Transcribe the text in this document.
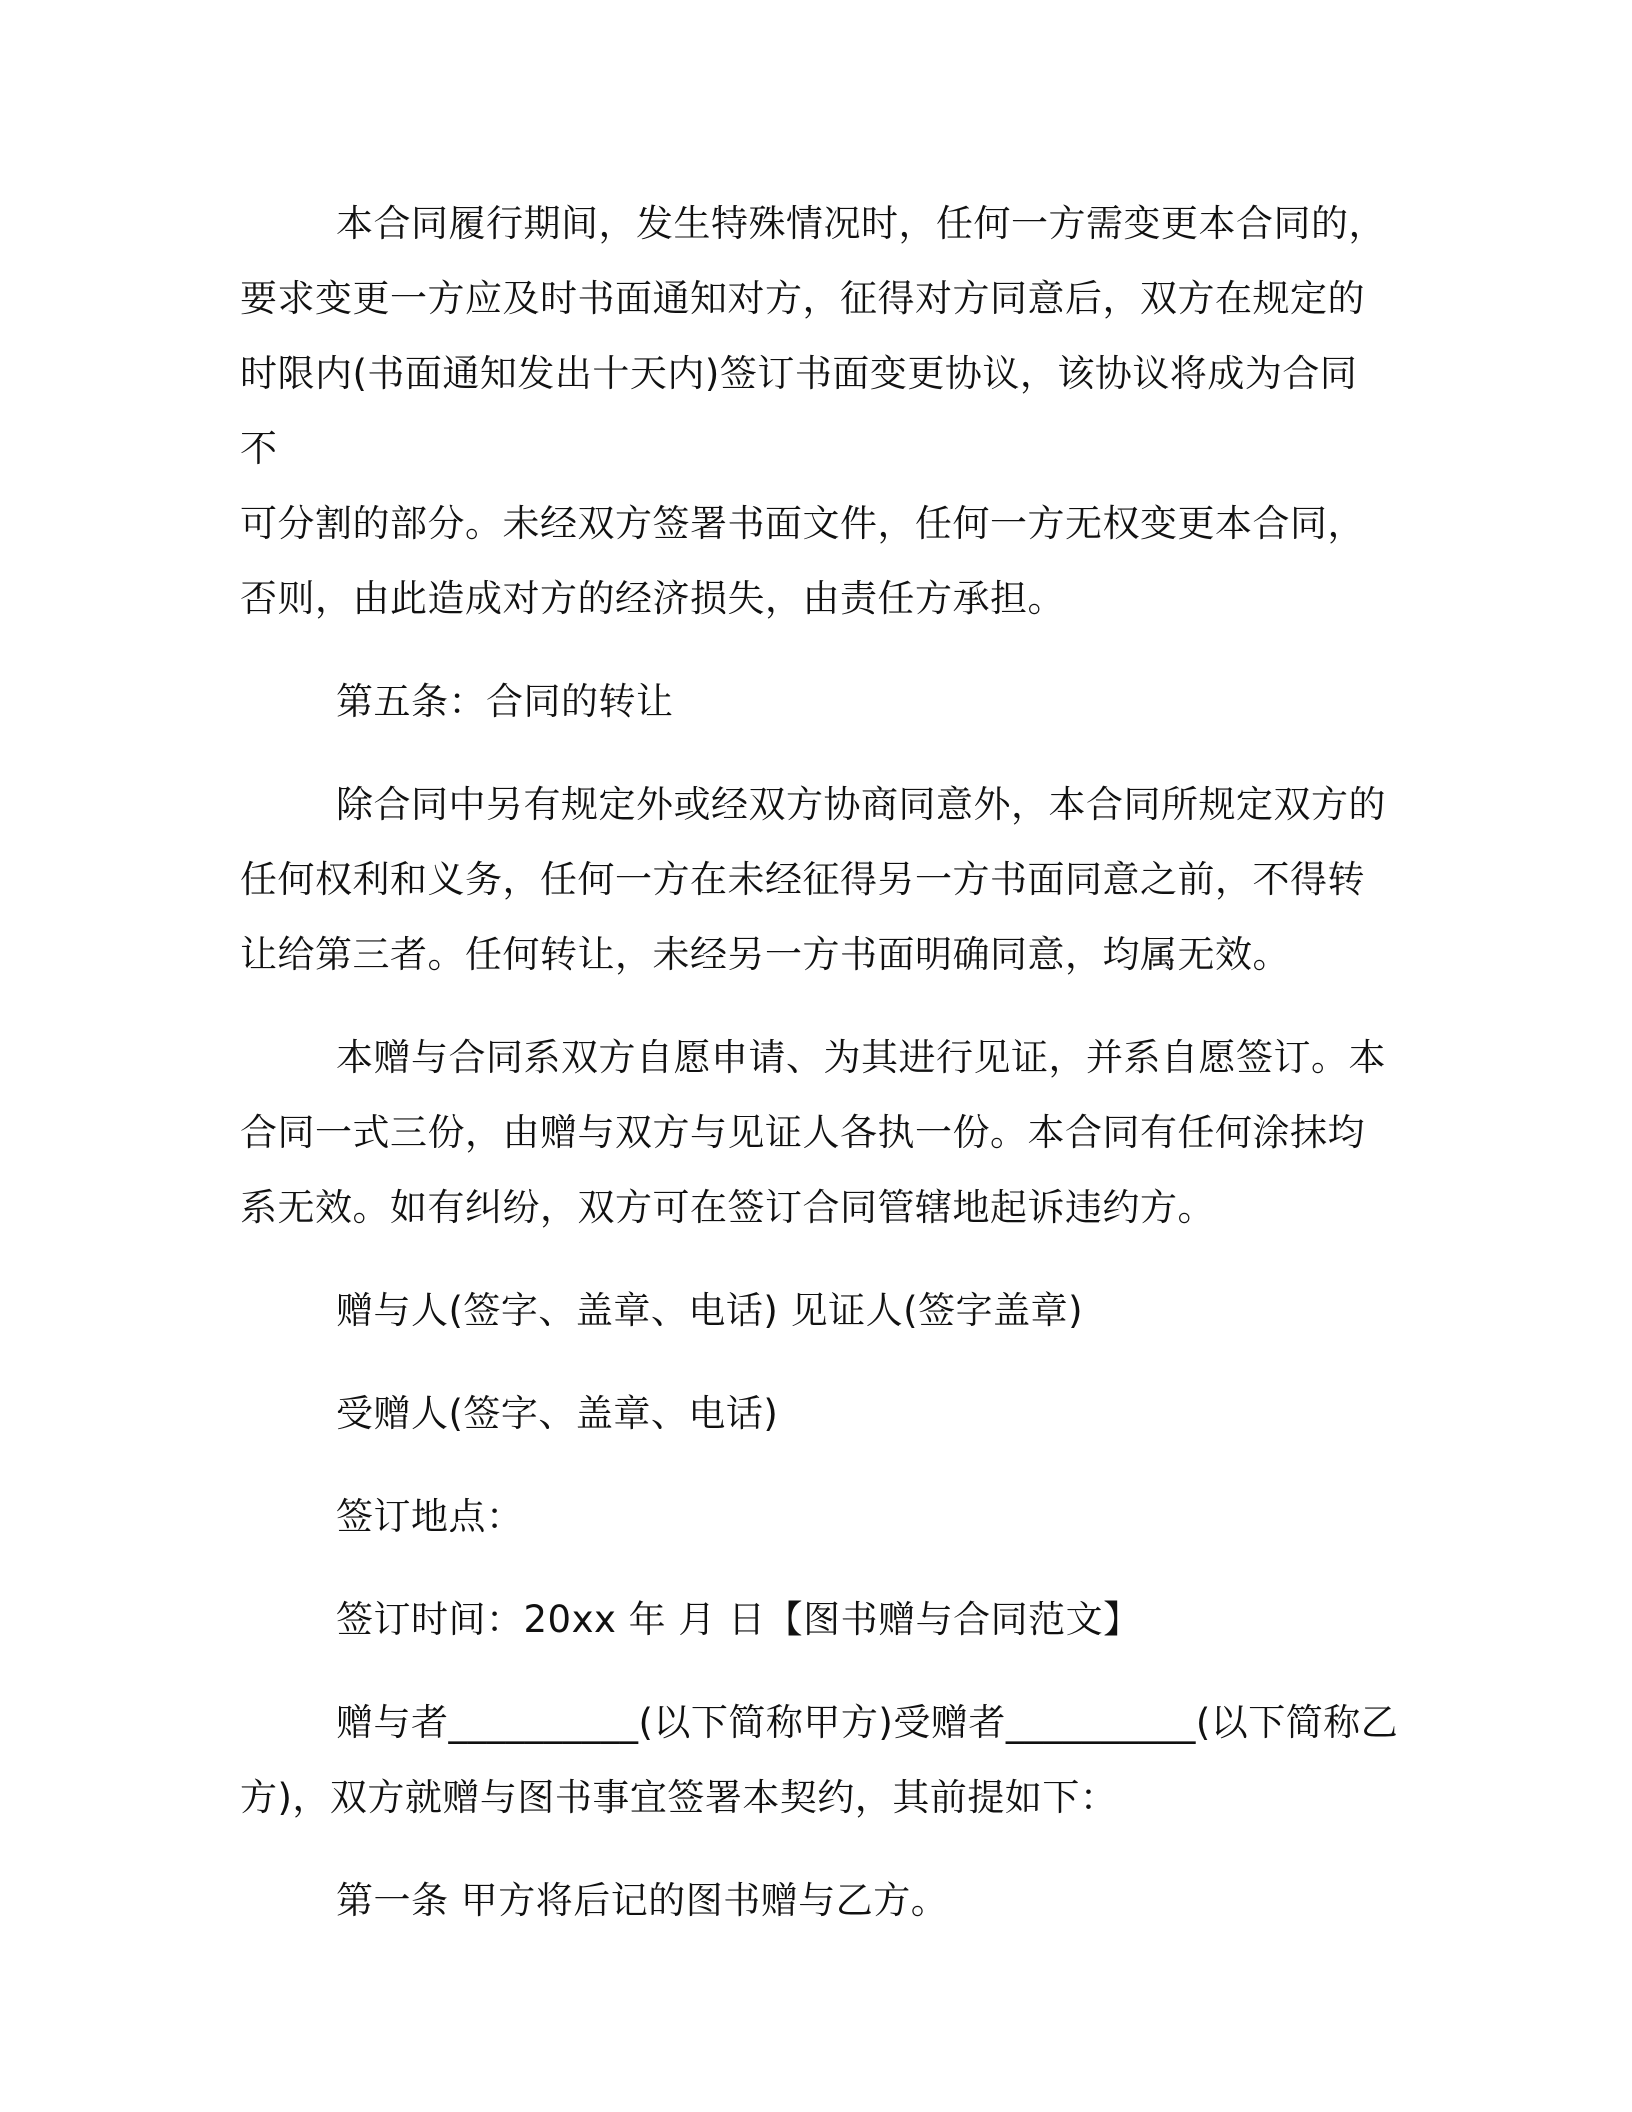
本合同履行期间，发生特殊情况时，任何一方需变更本合同的，
要求变更一方应及时书面通知对方，征得对方同意后，双方在规定的
时限内(书面通知发出十天内)签订书面变更协议，该协议将成为合同不
可分割的部分。未经双方签署书面文件，任何一方无权变更本合同，
否则，由此造成对方的经济损失，由责任方承担。
第五条：合同的转让
除合同中另有规定外或经双方协商同意外，本合同所规定双方的
任何权利和义务，任何一方在未经征得另一方书面同意之前，不得转
让给第三者。任何转让，未经另一方书面明确同意，均属无效。
本赠与合同系双方自愿申请、为其进行见证，并系自愿签订。本
合同一式三份，由赠与双方与见证人各执一份。本合同有任何涂抹均
系无效。如有纠纷，双方可在签订合同管辖地起诉违约方。
赠与人(签字、盖章、电话) 见证人(签字盖章)
受赠人(签字、盖章、电话)
签订地点：
签订时间：20xx 年 月 日【图书赠与合同范文】
赠与者__________(以下简称甲方)受赠者__________(以下简称乙
方)，双方就赠与图书事宜签署本契约，其前提如下：
第一条 甲方将后记的图书赠与乙方。
